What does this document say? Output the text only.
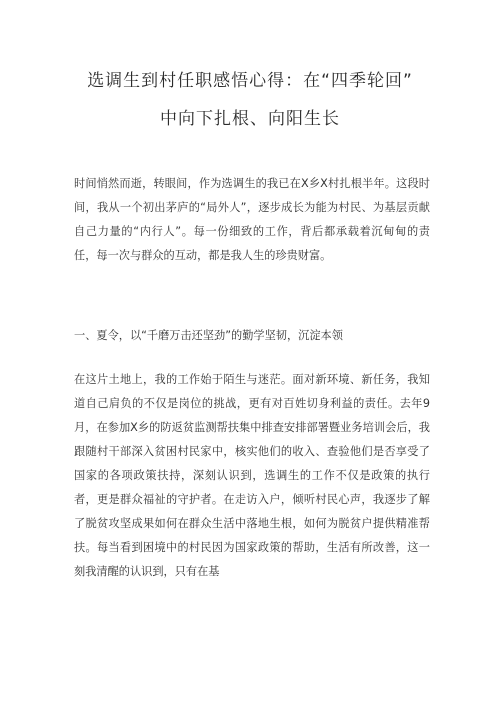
选调生到村任职感悟心得：在“四季轮回”
中向下扎根、向阳生长
时间悄然而逝，转眼间，作为选调生的我已在X乡X村扎根半年。这段时间，我从一个初出茅庐的“局外人”，逐步成长为能为村民、为基层贡献自己力量的“内行人”。每一份细致的工作，背后都承载着沉甸甸的责任，每一次与群众的互动，都是我人生的珍贵财富。
一、夏令，以“千磨万击还坚劲”的勤学坚韧，沉淀本领
在这片土地上，我的工作始于陌生与迷茫。面对新环境、新任务，我知道自己肩负的不仅是岗位的挑战，更有对百姓切身利益的责任。去年9月，在参加X乡的防返贫监测帮扶集中排查安排部署暨业务培训会后，我跟随村干部深入贫困村民家中，核实他们的收入、查验他们是否享受了国家的各项政策扶持，深刻认识到，选调生的工作不仅是政策的执行者，更是群众福祉的守护者。在走访入户，倾听村民心声，我逐步了解了脱贫攻坚成果如何在群众生活中落地生根，如何为脱贫户提供精准帮扶。每当看到困境中的村民因为国家政策的帮助，生活有所改善，这一刻我清醒的认识到，只有在基
